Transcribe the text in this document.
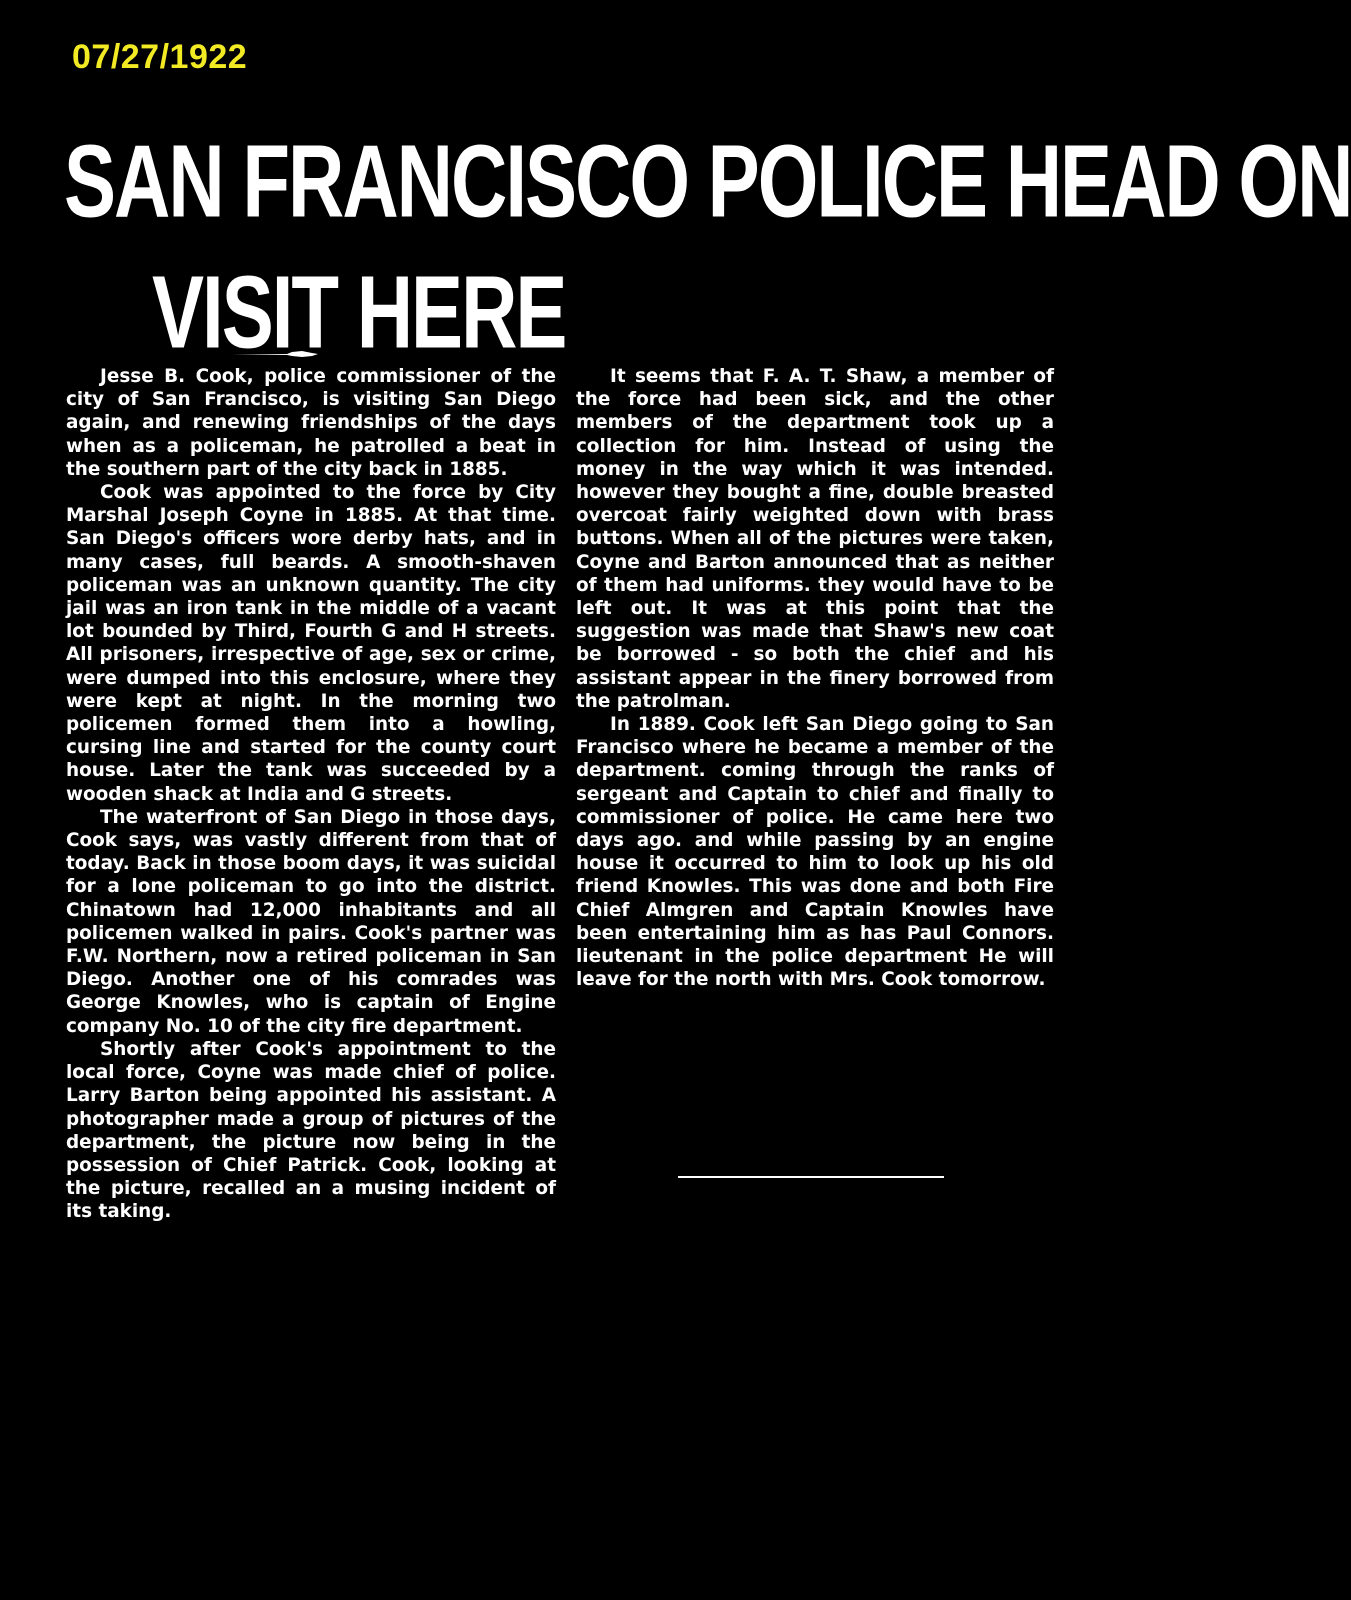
07/27/1922
SAN FRANCISCO POLICE HEAD ON
VISIT HERE

Jesse B. Cook, police commissioner of the city of San Francisco, is visiting San Diego again, and renewing friendships of the days when as a policeman, he patrolled a beat in the southern part of the city back in 1885.

Cook was appointed to the force by City Marshal Joseph Coyne in 1885. At that time. San Diego's officers wore derby hats, and in many cases, full beards. A smooth-shaven policeman was an unknown quantity. The city jail was an iron tank in the middle of a vacant lot bounded by Third, Fourth G and H streets. All prisoners, irrespective of age, sex or crime, were dumped into this enclosure, where they were kept at night. In the morning two policemen formed them into a howling, cursing line and started for the county court house. Later the tank was succeeded by a wooden shack at India and G streets.

The waterfront of San Diego in those days, Cook says, was vastly different from that of today. Back in those boom days, it was suicidal for a lone policeman to go into the district. Chinatown had 12,000 inhabitants and all policemen walked in pairs. Cook's partner was F.W. Northern, now a retired policeman in San Diego. Another one of his comrades was George Knowles, who is captain of Engine company No. 10 of the city fire department.

Shortly after Cook's appointment to the local force, Coyne was made chief of police. Larry Barton being appointed his assistant. A photographer made a group of pictures of the department, the picture now being in the possession of Chief Patrick. Cook, looking at the picture, recalled an a musing incident of its taking.

It seems that F. A. T. Shaw, a member of the force had been sick, and the other members of the department took up a collection for him. Instead of using the money in the way which it was intended. however they bought a fine, double breasted overcoat fairly weighted down with brass buttons. When all of the pictures were taken, Coyne and Barton announced that as neither of them had uniforms. they would have to be left out. It was at this point that the suggestion was made that Shaw's new coat be borrowed - so both the chief and his assistant appear in the finery borrowed from the patrolman.

In 1889. Cook left San Diego going to San Francisco where he became a member of the department. coming through the ranks of sergeant and Captain to chief and finally to commissioner of police. He came here two days ago. and while passing by an engine house it occurred to him to look up his old friend Knowles. This was done and both Fire Chief Almgren and Captain Knowles have been entertaining him as has Paul Connors. lieutenant in the police department He will leave for the north with Mrs. Cook tomorrow.
